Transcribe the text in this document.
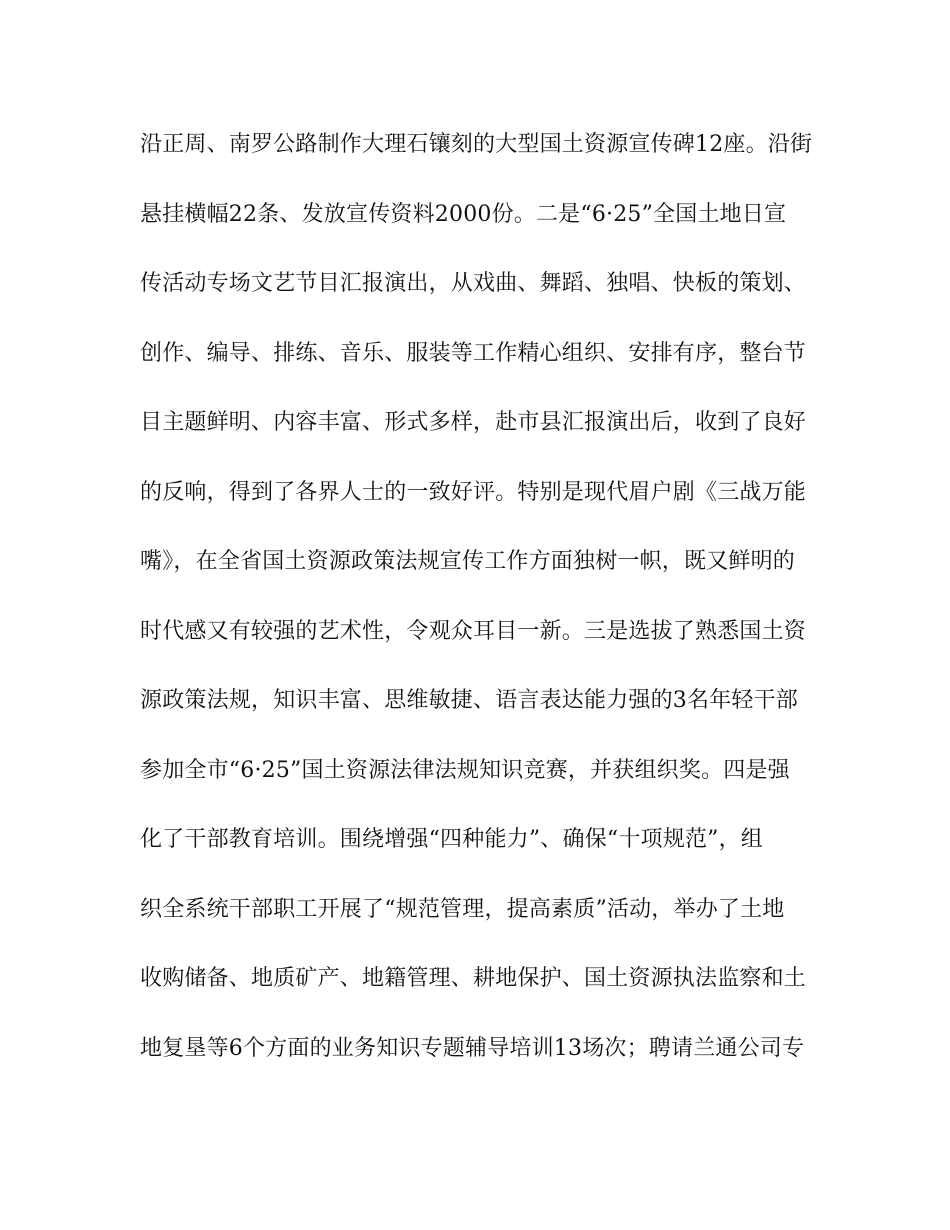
沿正周、南罗公路制作大理石镶刻的大型国土资源宣传碑12座。沿街
悬挂横幅22条、发放宣传资料2000份。二是“6·25”全国土地日宣
传活动专场文艺节目汇报演出，从戏曲、舞蹈、独唱、快板的策划、
创作、编导、排练、音乐、服装等工作精心组织、安排有序，整台节
目主题鲜明、内容丰富、形式多样，赴市县汇报演出后，收到了良好
的反响，得到了各界人士的一致好评。特别是现代眉户剧《三战万能
嘴》，在全省国土资源政策法规宣传工作方面独树一帜，既又鲜明的
时代感又有较强的艺术性，令观众耳目一新。三是选拔了熟悉国土资
源政策法规，知识丰富、思维敏捷、语言表达能力强的3名年轻干部
参加全市“6·25”国土资源法律法规知识竞赛，并获组织奖。四是强
化了干部教育培训。围绕增强“四种能力”、确保“十项规范”，组
织全系统干部职工开展了“规范管理，提高素质”活动，举办了土地
收购储备、地质矿产、地籍管理、耕地保护、国土资源执法监察和土
地复垦等6个方面的业务知识专题辅导培训13场次；聘请兰通公司专
